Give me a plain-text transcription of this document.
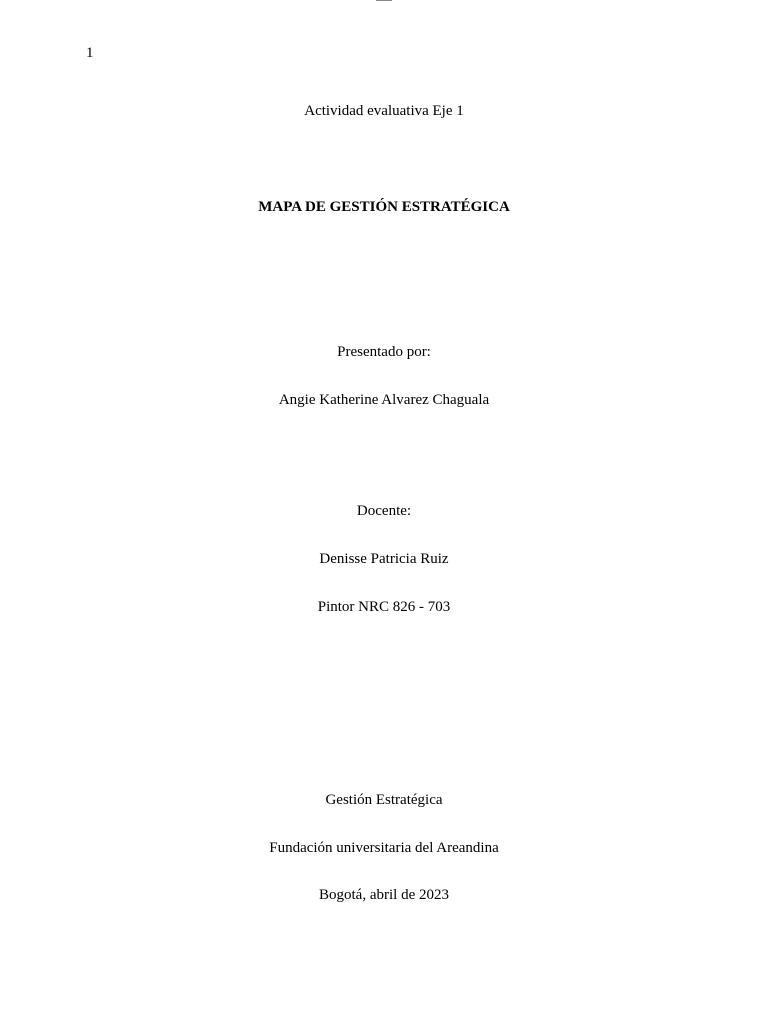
1
Actividad evaluativa Eje 1
MAPA DE GESTIÓN ESTRATÉGICA
Presentado por:
Angie Katherine Alvarez Chaguala
Docente:
Denisse Patricia Ruiz
Pintor NRC 826 - 703
Gestión Estratégica
Fundación universitaria del Areandina
Bogotá, abril de 2023
